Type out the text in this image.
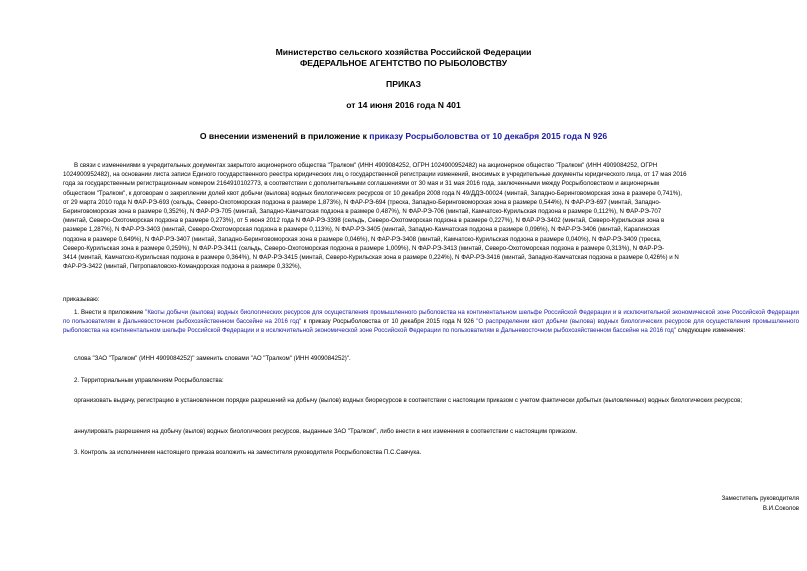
Министерство сельского хозяйства Российской Федерации
ФЕДЕРАЛЬНОЕ АГЕНТСТВО ПО РЫБОЛОВСТВУ
ПРИКАЗ
от 14 июня 2016 года N 401
О внесении изменений в приложение к приказу Росрыболовства от 10 декабря 2015 года N 926
В связи с изменениями в учредительных документах закрытого акционерного общества "Тралком" (ИНН 4909084252, ОГРН 1024900952482) на акционерное общество "Тралком" (ИНН 4909084252, ОГРН
1024900952482), на основании листа записи Единого государственного реестра юридических лиц о государственной регистрации изменений, вносимых в учредительные документы юридического лица, от 17 мая 2016
года за государственным регистрационным номером 2164910102773, в соответствии с дополнительными соглашениями от 30 мая и 31 мая 2016 года, заключенными между Росрыболовством и акционерным
обществом "Тралком", к договорам о закреплении долей квот добычи (вылова) водных биологических ресурсов от 10 декабря 2008 года N 49/ДДЭ-00024 (минтай, Западно-Беринговоморская зона в размере 0,741%),
от 29 марта 2010 года N ФАР-РЭ-693 (сельдь, Северо-Охотоморская подзона в размере 1,873%), N ФАР-РЭ-694 (треска, Западно-Беринговоморская зона в размере 0,544%), N ФАР-РЭ-697 (минтай, Западно-
Беринговоморская зона в размере 0,352%), N ФАР-РЭ-705 (минтай, Западно-Камчатская подзона в размере 0,487%), N ФАР-РЭ-706 (минтай, Камчатско-Курильская подзона в размере 0,112%), N ФАР-РЭ-707
(минтай, Северо-Охотоморская подзона в размере 0,273%), от 5 июня 2012 года N ФАР-РЭ-3398 (сельдь, Северо-Охотоморская подзона в размере 0,227%), N ФАР-РЭ-3402 (минтай, Северо-Курильская зона в
размере 1,287%), N ФАР-РЭ-3403 (минтай, Северо-Охотоморская подзона в размере 0,113%), N ФАР-РЭ-3405 (минтай, Западно-Камчатская подзона в размере 0,096%), N ФАР-РЭ-3406 (минтай, Карагинская
подзона в размере 0,649%), N ФАР-РЭ-3407 (минтай, Западно-Беринговоморская зона в размере 0,046%), N ФАР-РЭ-3408 (минтай, Камчатско-Курильская подзона в размере 0,040%), N ФАР-РЭ-3409 (треска,
Северо-Курильская зона в размере 0,259%), N ФАР-РЭ-3411 (сельдь, Северо-Охотоморская подзона в размере 1,009%), N ФАР-РЭ-3413 (минтай, Северо-Охотоморская подзона в размере 0,313%), N ФАР-РЭ-
3414 (минтай, Камчатско-Курильская подзона в размере 0,364%), N ФАР-РЭ-3415 (минтай, Северо-Курильская зона в размере 0,224%), N ФАР-РЭ-3416 (минтай, Западно-Камчатская подзона в размере 0,426%) и N
ФАР-РЭ-3422 (минтай, Петропавловско-Командорская подзона в размере 0,332%),
приказываю:
1. Внести в приложение "Квоты добычи (вылова) водных биологических ресурсов для осуществления промышленного рыболовства на континентальном шельфе Российской Федерации и в исключительной экономической зоне Российской Федерации по пользователям в Дальневосточном рыбохозяйственном бассейне на 2016 год" к приказу Росрыболовства от 10 декабря 2015 года N 926 "О распределении квот добычи (вылова) водных биологических ресурсов для осуществления промышленного рыболовства на континентальном шельфе Российской Федерации и в исключительной экономической зоне Российской Федерации по пользователям в Дальневосточном рыбохозяйственном бассейне на 2016 год" следующие изменения:
слова "ЗАО "Тралком" (ИНН 4909084252)" заменить словами "АО "Тралком" (ИНН 4909084252)".
2. Территориальным управлениям Росрыболовства:
организовать выдачу, регистрацию в установленном порядке разрешений на добычу (вылов) водных биоресурсов в соответствии с настоящим приказом с учетом фактически добытых (выловленных) водных биологических ресурсов;
аннулировать разрешения на добычу (вылов) водных биологических ресурсов, выданные ЗАО "Тралком", либо внести в них изменения в соответствии с настоящим приказом.
3. Контроль за исполнением настоящего приказа возложить на заместителя руководителя Росрыболовства П.С.Савчука.
Заместитель руководителя
В.И.Соколов
